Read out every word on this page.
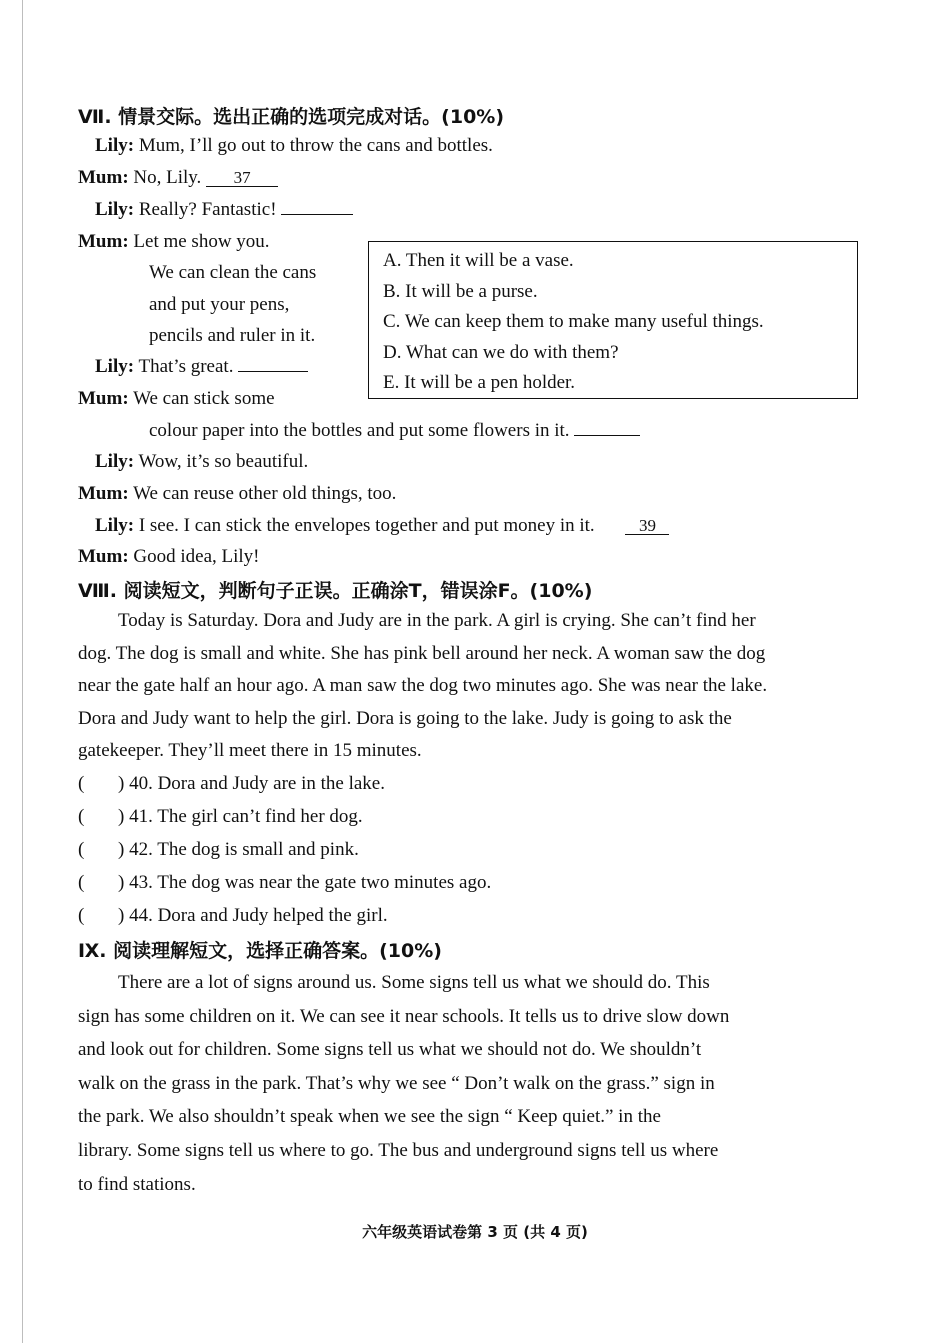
Ⅶ. 情景交际。选出正确的选项完成对话。(10%)
Lily: Mum, I’ll go out to throw the cans and bottles.
Mum: No, Lily. 37
Lily: Really? Fantastic!
Mum: Let me show you.
We can clean the cans
and put your pens,
pencils and ruler in it.
Lily: That’s great.
Mum: We can stick some
colour paper into the bottles and put some flowers in it.
Lily: Wow, it’s so beautiful.
Mum: We can reuse other old things, too.
Lily: I see. I can stick the envelopes together and put money in it.	39
Mum: Good idea, Lily!
A. Then it will be a vase.
B. It will be a purse.
C. We can keep them to make many useful things.
D. What can we do with them?
E. It will be a pen holder.
Ⅷ. 阅读短文，判断句子正误。正确涂T，错误涂F。(10%)
Today is Saturday. Dora and Judy are in the park. A girl is crying. She can’t find her
dog. The dog is small and white. She has pink bell around her neck. A woman saw the dog
near the gate half an hour ago. A man saw the dog two minutes ago. She was near the lake.
Dora and Judy want to help the girl. Dora is going to the lake. Judy is going to ask the
gatekeeper. They’ll meet there in 15 minutes.
( ) 40. Dora and Judy are in the lake.
( ) 41. The girl can’t find her dog.
( ) 42. The dog is small and pink.
( ) 43. The dog was near the gate two minutes ago.
( ) 44. Dora and Judy helped the girl.
Ⅸ. 阅读理解短文，选择正确答案。(10%)
There are a lot of signs around us. Some signs tell us what we should do. This
sign has some children on it. We can see it near schools. It tells us to drive slow down
and look out for children. Some signs tell us what we should not do. We shouldn’t
walk on the grass in the park. That’s why we see “ Don’t walk on the grass.” sign in
the park. We also shouldn’t speak when we see the sign “ Keep quiet.” in the
library. Some signs tell us where to go. The bus and underground signs tell us where
to find stations.
六年级英语试卷第 3 页 (共 4 页)
